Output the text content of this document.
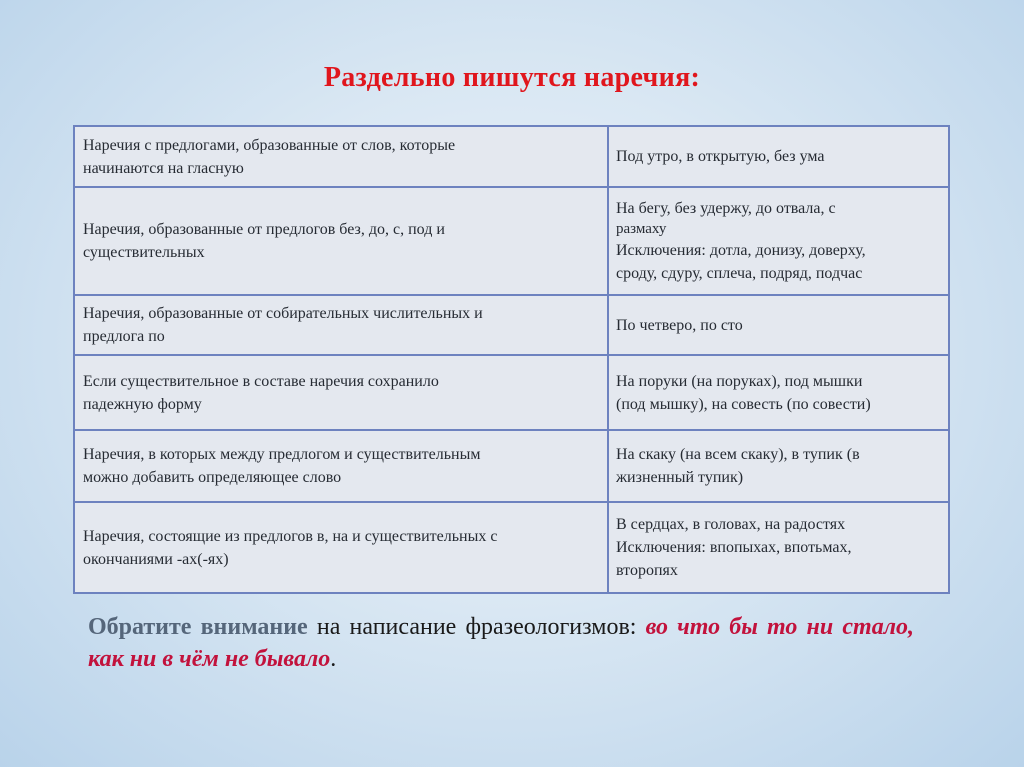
Раздельно пишутся наречия:
Наречия с предлогами, образованные от слов, которые
начинаются на гласную	Под утро, в открытую, без ума

Наречия, образованные от предлогов без, до, с, под и
существительных	На бегу, без удержу, до отвала, с
размаху
Исключения: дотла, донизу, доверху,
сроду, сдуру, сплеча, подряд, подчас

Наречия, образованные от собирательных числительных и
предлога по	По четверо, по сто

Если существительное в составе наречия сохранило
падежную форму	На поруки (на поруках), под мышки
(под мышку), на совесть (по совести)

Наречия, в которых между предлогом и существительным
можно добавить определяющее слово	На скаку (на всем скаку), в тупик (в
жизненный тупик)

Наречия, состоящие из предлогов в, на и существительных с
окончаниями -ах(-ях)	В сердцах, в головах, на радостях
Исключения: впопыхах, впотьмах,
второпях
Обратите внимание на написание фразеологизмов: во что бы то ни стало, как ни в чём не бывало.
